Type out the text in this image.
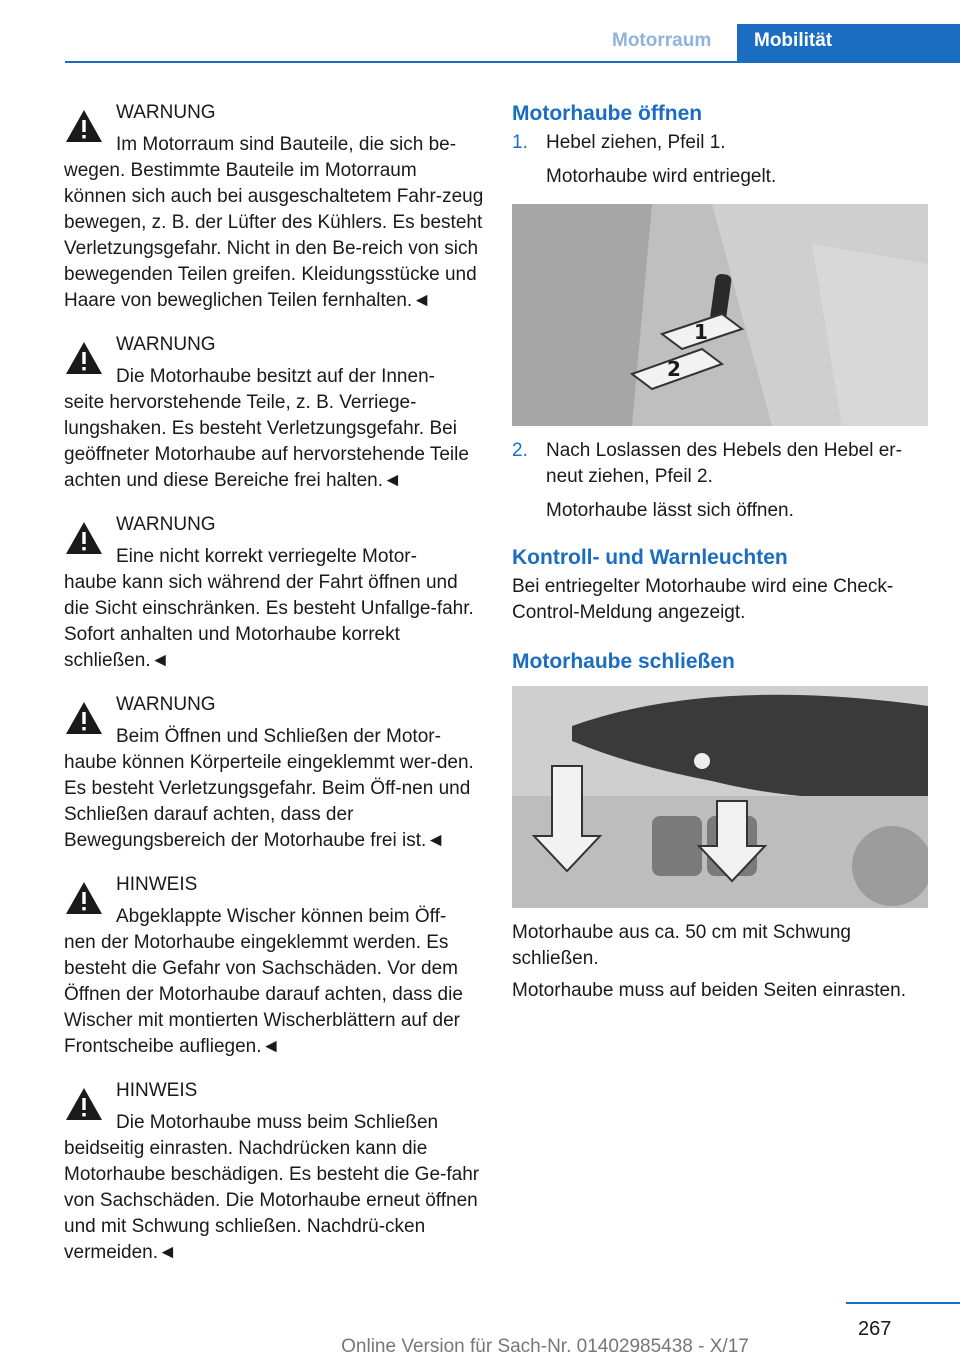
Motorraum Mobilität
WARNUNG
Im Motorraum sind Bauteile, die sich be-
wegen. Bestimmte Bauteile im Motorraum können sich auch bei ausgeschaltetem Fahr-zeug bewegen, z. B. der Lüfter des Kühlers. Es besteht Verletzungsgefahr. Nicht in den Be-reich von sich bewegenden Teilen greifen. Kleidungsstücke und Haare von beweglichen Teilen fernhalten.◄
WARNUNG
Die Motorhaube besitzt auf der Innen-
seite hervorstehende Teile, z. B. Verriege-lungshaken. Es besteht Verletzungsgefahr. Bei geöffneter Motorhaube auf hervorstehende Teile achten und diese Bereiche frei halten.◄
WARNUNG
Eine nicht korrekt verriegelte Motor-
haube kann sich während der Fahrt öffnen und die Sicht einschränken. Es besteht Unfallge-fahr. Sofort anhalten und Motorhaube korrekt schließen.◄
WARNUNG
Beim Öffnen und Schließen der Motor-
haube können Körperteile eingeklemmt wer-den. Es besteht Verletzungsgefahr. Beim Öff-nen und Schließen darauf achten, dass der Bewegungsbereich der Motorhaube frei ist.◄
HINWEIS
Abgeklappte Wischer können beim Öff-
nen der Motorhaube eingeklemmt werden. Es besteht die Gefahr von Sachschäden. Vor dem Öffnen der Motorhaube darauf achten, dass die Wischer mit montierten Wischerblättern auf der Frontscheibe aufliegen.◄
HINWEIS
Die Motorhaube muss beim Schließen
beidseitig einrasten. Nachdrücken kann die Motorhaube beschädigen. Es besteht die Ge-fahr von Sachschäden. Die Motorhaube erneut öffnen und mit Schwung schließen. Nachdrü-cken vermeiden.◄
Motorhaube öffnen
1. Hebel ziehen, Pfeil 1.
Motorhaube wird entriegelt.
2
1
2. Nach Loslassen des Hebels den Hebel er-neut ziehen, Pfeil 2.
Motorhaube lässt sich öffnen.
Kontroll- und Warnleuchten
Bei entriegelter Motorhaube wird eine Check-Control-Meldung angezeigt.
Motorhaube schließen
Motorhaube aus ca. 50 cm mit Schwung schließen.
Motorhaube muss auf beiden Seiten einrasten.
267
Online Version für Sach-Nr. 01402985438 - X/17
